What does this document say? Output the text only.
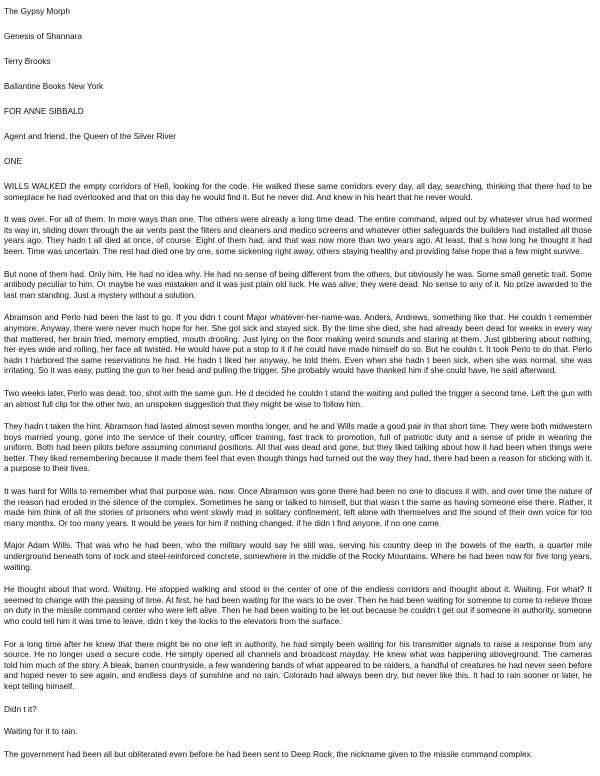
The Gypsy Morph
Genesis of Shannara
Terry Brooks
Ballantine Books New York
FOR ANNE SIBBALD
Agent and friend, the Queen of the Silver River
ONE

WILLS WALKED the empty corridors of Hell, looking for the code. He walked these same corridors every day, all day, searching, thinking that there had to be someplace he had overlooked and that on this day he would find it. But he never did. And knew in his heart that he never would.

It was over. For all of them. In more ways than one. The others were already a long time dead. The entire command, wiped out by whatever virus had wormed its way in, sliding down through the air vents past the filters and cleaners and medico screens and whatever other safeguards the builders had installed all those years ago. They hadn t all died at once, of course. Eight of them had, and that was now more than two years ago. At least, that s how long he thought it had been. Time was uncertain. The rest had died one by one, some sickening right away, others staying healthy and providing false hope that a few might survive.

But none of them had. Only him. He had no idea why. He had no sense of being different from the others, but obviously he was. Some small genetic trait. Some antibody peculiar to him. Or maybe he was mistaken and it was just plain old luck. He was alive; they were dead. No sense to any of it. No prize awarded to the last man standing. Just a mystery without a solution.

Abramson and Perlo had been the last to go. If you didn t count Major whatever-her-name-was. Anders, Andrews, something like that. He couldn t remember anymore. Anyway, there were never much hope for her. She got sick and stayed sick. By the time she died, she had already been dead for weeks in every way that mattered, her brain fried, memory emptied, mouth drooling. Just lying on the floor making weird sounds and staring at them. Just gibbering about nothing, her eyes wide and rolling, her face all twisted. He would have put a stop to it if he could have made himself do so. But he couldn t. It took Perlo to do that. Perlo hadn t harbored the same reservations he had. He hadn t liked her anyway, he told them. Even when she hadn t been sick, when she was normal, she was irritating. So it was easy, putting the gun to her head and pulling the trigger. She probably would have thanked him if she could have, he said afterward.

Two weeks later, Perlo was dead, too, shot with the same gun. He d decided he couldn t stand the waiting and pulled the trigger a second time. Left the gun with an almost full clip for the other two, an unspoken suggestion that they might be wise to follow him.

They hadn t taken the hint. Abramson had lasted almost seven months longer, and he and Wills made a good pair in that short time. They were both midwestern boys married young, gone into the service of their country, officer training, fast track to promotion, full of patriotic duty and a sense of pride in wearing the uniform. Both had been pilots before assuming command positions. All that was dead and gone, but they liked talking about how it had been when things were better. They liked remembering because it made them feel that even though things had turned out the way they had, there had been a reason for sticking with it, a purpose to their lives.

It was hard for Wills to remember what that purpose was, now. Once Abramson was gone there had been no one to discuss it with, and over time the nature of the reason had eroded in the silence of the complex. Sometimes he sang or talked to himself, but that wasn t the same as having someone else there. Rather, it made him think of all the stories of prisoners who went slowly mad in solitary confinement, left alone with themselves and the sound of their own voice for too many months. Or too many years. It would be years for him if nothing changed, if he didn t find anyone, if no one came.

Major Adam Wills. That was who he had been, who the military would say he still was, serving his country deep in the bowels of the earth, a quarter mile underground beneath tons of rock and steel-reinforced concrete, somewhere in the middle of the Rocky Mountains. Where he had been now for five long years, waiting.

He thought about that word. Waiting. He stopped walking and stood in the center of one of the endless corridors and thought about it. Waiting. For what? It seemed to change with the passing of time. At first, he had been waiting for the wars to be over. Then he had been waiting for someone to come to relieve those on duty in the missile command center who were left alive. Then he had been waiting to be let out because he couldn t get out if someone in authority, someone who could tell him it was time to leave, didn t key the locks to the elevators from the surface.

For a long time after he knew that there might be no one left in authority, he had simply been waiting for his transmitter signals to raise a response from any source. He no longer used a secure code. He simply opened all channels and broadcast mayday. He knew what was happening aboveground. The cameras told him much of the story. A bleak, barren countryside, a few wandering bands of what appeared to be raiders, a handful of creatures he had never seen before and hoped never to see again, and endless days of sunshine and no rain. Colorado had always been dry, but never like this. It had to rain sooner or later, he kept telling himself.

Didn t it?

Waiting for it to rain.

The government had been all but obliterated even before he had been sent to Deep Rock, the nickname given to the missile command complex.
